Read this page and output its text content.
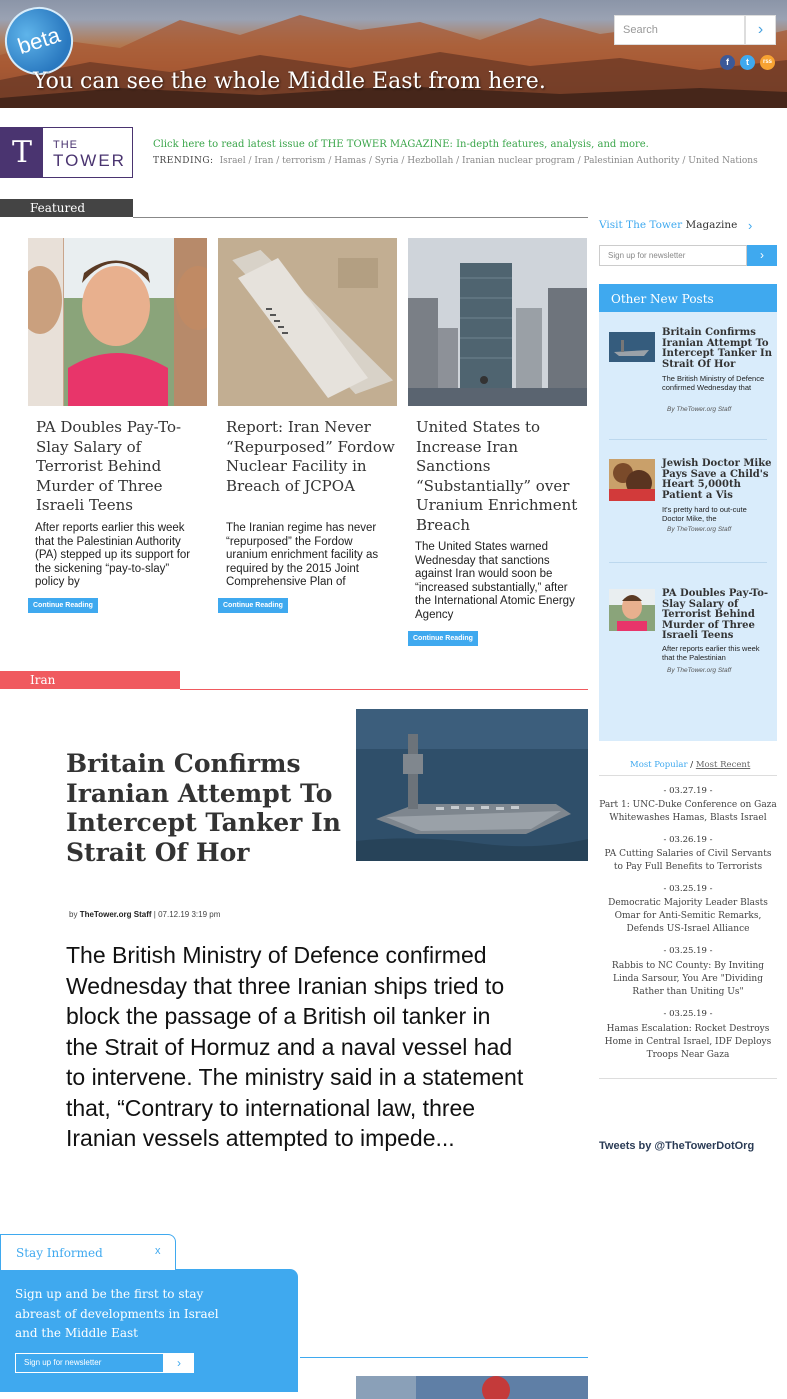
beta
You can see the whole Middle East from here.
Search	›
f	t	rss
T	THE
TOWER
Click here to read latest issue of THE TOWER MAGAZINE: In-depth features, analysis, and more.
TRENDING: Israel / Iran / terrorism / Hamas / Syria / Hezbollah / Iranian nuclear program / Palestinian Authority / United Nations
Featured
PA Doubles Pay-To-Slay Salary of Terrorist Behind Murder of Three Israeli Teens
After reports earlier this week that the Palestinian Authority (PA) stepped up its support for the sickening “pay-to-slay” policy by
Continue Reading
Report: Iran Never “Repurposed” Fordow Nuclear Facility in Breach of JCPOA
The Iranian regime has never “repurposed” the Fordow uranium enrichment facility as required by the 2015 Joint Comprehensive Plan of
Continue Reading
United States to Increase Iran Sanctions “Substantially” over Uranium Enrichment Breach
The United States warned Wednesday that sanctions against Iran would soon be “increased substantially,” after the International Atomic Energy Agency
Continue Reading
Iran
Britain Confirms Iranian Attempt To Intercept Tanker In Strait Of Hor
by TheTower.org Staff | 07.12.19 3:19 pm
The British Ministry of Defence confirmed Wednesday that three Iranian ships tried to block the passage of a British oil tanker in the Strait of Hormuz and a naval vessel had to intervene. The ministry said in a statement that, “Contrary to international law, three Iranian vessels attempted to impede...
Visit The Tower Magazine ›
Sign up for newsletter	›
Other New Posts
Britain Confirms Iranian Attempt To Intercept Tanker In Strait Of Hor
The British Ministry of Defence confirmed Wednesday that
By TheTower.org Staff
Jewish Doctor Mike Pays Save a Child's Heart 5,000th Patient a Vis
It's pretty hard to out-cute Doctor Mike, the
By TheTower.org Staff
PA Doubles Pay-To-Slay Salary of Terrorist Behind Murder of Three Israeli Teens
After reports earlier this week that the Palestinian
By TheTower.org Staff
Most Popular / Most Recent
- 03.27.19 -
Part 1: UNC-Duke Conference on Gaza Whitewashes Hamas, Blasts Israel
- 03.26.19 -
PA Cutting Salaries of Civil Servants to Pay Full Benefits to Terrorists
- 03.25.19 -
Democratic Majority Leader Blasts Omar for Anti-Semitic Remarks, Defends US-Israel Alliance
- 03.25.19 -
Rabbis to NC County: By Inviting Linda Sarsour, You Are "Dividing Rather than Uniting Us"
- 03.25.19 -
Hamas Escalation: Rocket Destroys Home in Central Israel, IDF Deploys Troops Near Gaza
Tweets by @TheTowerDotOrg
Stay Informed	x
Sign up and be the first to stay abreast of developments in Israel and the Middle East
Sign up for newsletter	›
